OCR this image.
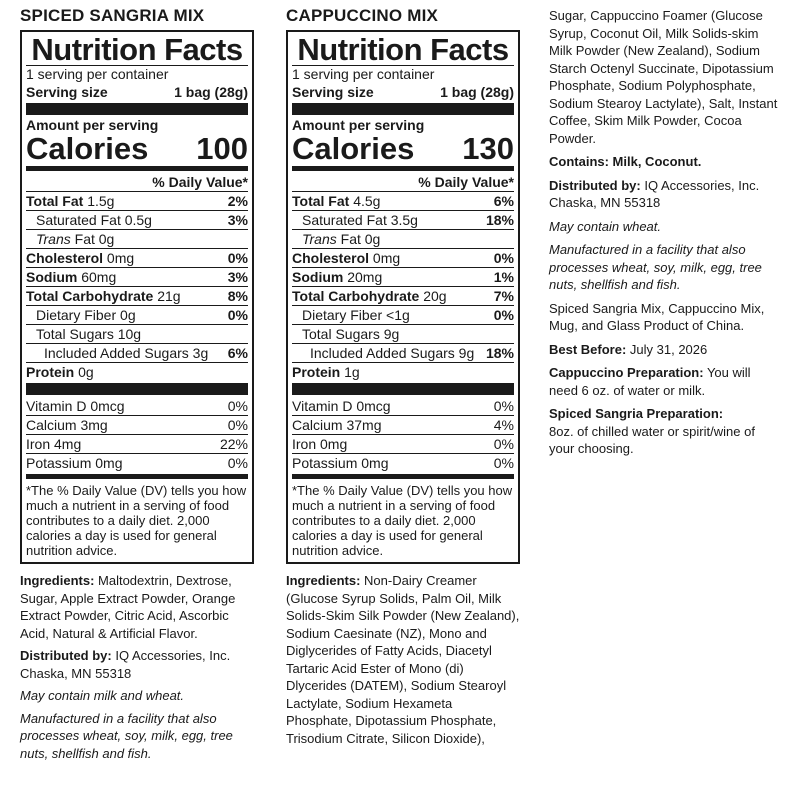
SPICED SANGRIA MIX
Nutrition Facts
1 serving per container
Serving size	1 bag (28g)
Amount per serving
Calories 100
% Daily Value*
Total Fat 1.5g	2%
Saturated Fat 0.5g	3%
Trans Fat 0g
Cholesterol 0mg	0%
Sodium 60mg	3%
Total Carbohydrate 21g	8%
Dietary Fiber 0g	0%
Total Sugars 10g
Included Added Sugars 3g 6%
Protein 0g
Vitamin D 0mcg	0%
Calcium 3mg	0%
Iron 4mg	22%
Potassium 0mg	0%
*The % Daily Value (DV) tells you how much a nutrient in a serving of food contributes to a daily diet. 2,000 calories a day is used for general nutrition advice.

Ingredients: Maltodextrin, Dextrose, Sugar, Apple Extract Powder, Orange Extract Powder, Citric Acid, Ascorbic Acid, Natural & Artificial Flavor.

Distributed by: IQ Accessories, Inc. Chaska, MN 55318

May contain milk and wheat.

Manufactured in a facility that also processes wheat, soy, milk, egg, tree nuts, shellfish and fish.

CAPPUCCINO MIX
Nutrition Facts
1 serving per container
Serving size	1 bag (28g)
Amount per serving
Calories 130
% Daily Value*
Total Fat 4.5g	6%
Saturated Fat 3.5g	18%
Trans Fat 0g
Cholesterol 0mg	0%
Sodium 20mg	1%
Total Carbohydrate 20g	7%
Dietary Fiber <1g	0%
Total Sugars 9g
Included Added Sugars 9g 18%
Protein 1g
Vitamin D 0mcg	0%
Calcium 37mg	4%
Iron 0mg	0%
Potassium 0mg	0%
*The % Daily Value (DV) tells you how much a nutrient in a serving of food contributes to a daily diet. 2,000 calories a day is used for general nutrition advice.

Ingredients: Non-Dairy Creamer (Glucose Syrup Solids, Palm Oil, Milk Solids-Skim Silk Powder (New Zealand), Sodium Caesinate (NZ), Mono and Diglycerides of Fatty Acids, Diacetyl Tartaric Acid Ester of Mono (di) Dlycerides (DATEM), Sodium Stearoyl Lactylate, Sodium Hexameta Phosphate, Dipotassium Phosphate, Trisodium Citrate, Silicon Dioxide),

Sugar, Cappuccino Foamer (Glucose Syrup, Coconut Oil, Milk Solids-skim Milk Powder (New Zealand), Sodium Starch Octenyl Succinate, Dipotassium Phosphate, Sodium Polyphosphate, Sodium Stearoy Lactylate), Salt, Instant Coffee, Skim Milk Powder, Cocoa Powder.

Contains: Milk, Coconut.

Distributed by: IQ Accessories, Inc. Chaska, MN 55318

May contain wheat.

Manufactured in a facility that also processes wheat, soy, milk, egg, tree nuts, shellfish and fish.

Spiced Sangria Mix, Cappuccino Mix, Mug, and Glass Product of China.

Best Before: July 31, 2026

Cappuccino Preparation: You will need 6 oz. of water or milk.

Spiced Sangria Preparation:
8oz. of chilled water or spirit/wine of your choosing.
